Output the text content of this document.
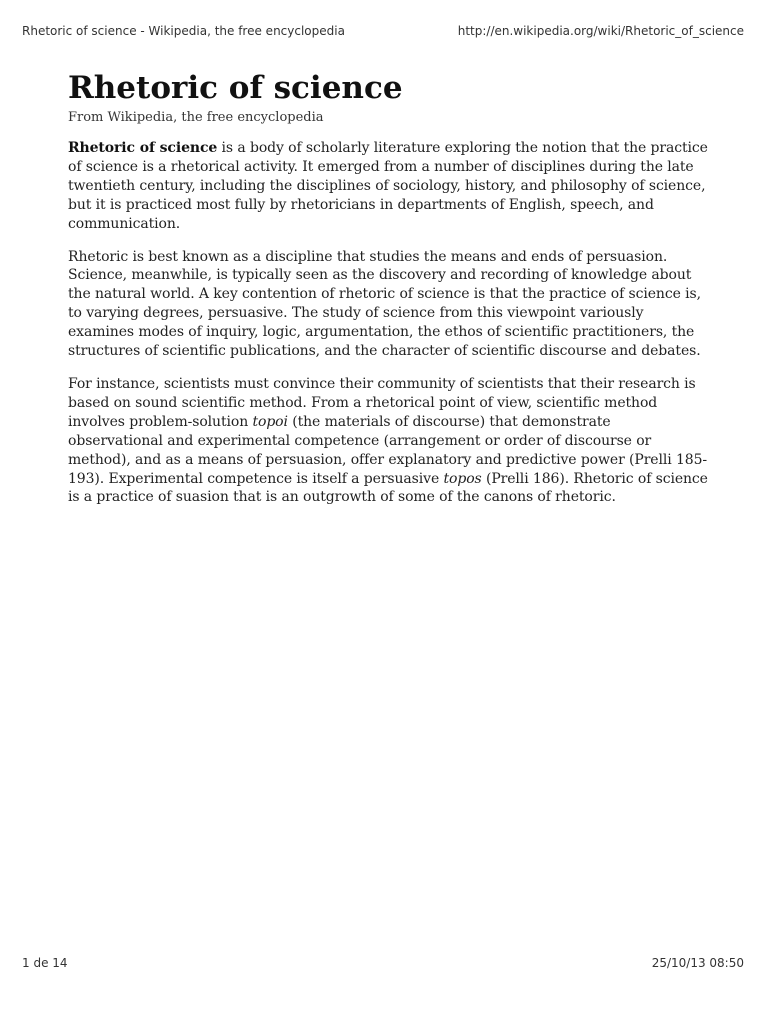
Rhetoric of science - Wikipedia, the free encyclopedia	http://en.wikipedia.org/wiki/Rhetoric_of_science
Rhetoric of science

From Wikipedia, the free encyclopedia

Rhetoric of science is a body of scholarly literature exploring the notion that the practice of science is a rhetorical activity. It emerged from a number of disciplines during the late twentieth century, including the disciplines of sociology, history, and philosophy of science, but it is practiced most fully by rhetoricians in departments of English, speech, and communication.

Rhetoric is best known as a discipline that studies the means and ends of persuasion. Science, meanwhile, is typically seen as the discovery and recording of knowledge about the natural world. A key contention of rhetoric of science is that the practice of science is, to varying degrees, persuasive. The study of science from this viewpoint variously examines modes of inquiry, logic, argumentation, the ethos of scientific practitioners, the structures of scientific publications, and the character of scientific discourse and debates.

For instance, scientists must convince their community of scientists that their research is based on sound scientific method. From a rhetorical point of view, scientific method involves problem-solution topoi (the materials of discourse) that demonstrate observational and experimental competence (arrangement or order of discourse or method), and as a means of persuasion, offer explanatory and predictive power (Prelli 185-193). Experimental competence is itself a persuasive topos (Prelli 186). Rhetoric of science is a practice of suasion that is an outgrowth of some of the canons of rhetoric.

1 de 14	25/10/13 08:50
